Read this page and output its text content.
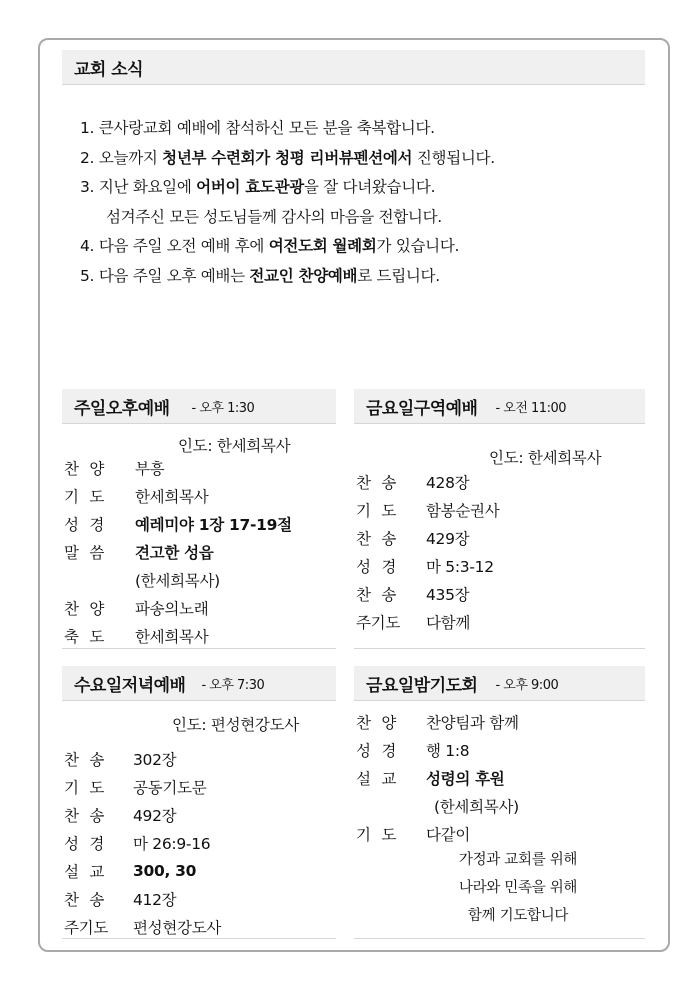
교회 소식
1. 큰사랑교회 예배에 참석하신 모든 분을 축복합니다.
2. 오늘까지 청년부 수련회가 청평 리버뷰펜션에서 진행됩니다.
3. 지난 화요일에 어버이 효도관광을 잘 다녀왔습니다.
섬겨주신 모든 성도님들께 감사의 마음을 전합니다.
4. 다음 주일 오전 예배 후에 여전도회 월례회가 있습니다.
5. 다음 주일 오후 예배는 전교인 찬양예배로 드립니다.
주일오후예배 - 오후 1:30
인도: 한세희목사
찬 양 부흥
기 도 한세희목사
성 경 예레미야 1장 17-19절
말 씀 견고한 성읍
(한세희목사)
찬 양 파송의노래
축 도 한세희목사
금요일구역예배 - 오전 11:00
인도: 한세희목사
찬 송 428장
기 도 함봉순권사
찬 송 429장
성 경 마 5:3-12
찬 송 435장
주기도	다함께
수요일저녁예배 - 오후 7:30
인도: 편성현강도사
찬 송 302장
기 도 공동기도문
찬 송 492장
성 경 마 26:9-16
설 교 300, 30
찬 송 412장
주기도	편성현강도사
금요일밤기도회 - 오후 9:00
찬 양 찬양팀과 함께
성 경 행 1:8
설 교 성령의 후원
(한세희목사)
기 도 다같이
가정과 교회를 위해
나라와 민족을 위해
함께 기도합니다
